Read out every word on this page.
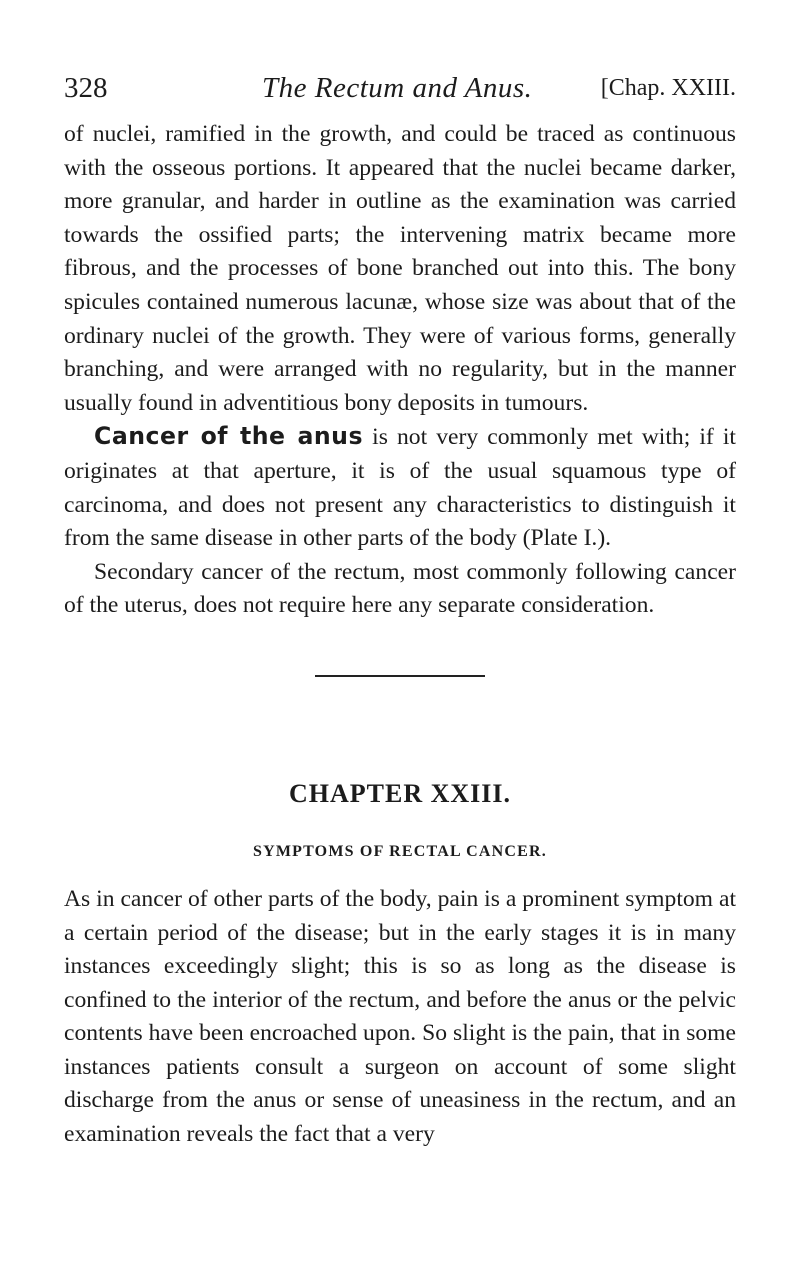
328	The Rectum and Anus.	[Chap. XXIII.

of nuclei, ramified in the growth, and could be traced as continuous with the osseous portions. It appeared that the nuclei became darker, more granular, and harder in outline as the examination was carried towards the ossified parts; the intervening matrix became more fibrous, and the processes of bone branched out into this. The bony spicules contained numerous lacunæ, whose size was about that of the ordinary nuclei of the growth. They were of various forms, generally branching, and were arranged with no regularity, but in the manner usually found in adventitious bony deposits in tumours.

Cancer of the anus is not very commonly met with; if it originates at that aperture, it is of the usual squamous type of carcinoma, and does not present any characteristics to distinguish it from the same disease in other parts of the body (Plate I.).

Secondary cancer of the rectum, most commonly following cancer of the uterus, does not require here any separate consideration.

CHAPTER XXIII.
SYMPTOMS OF RECTAL CANCER.

As in cancer of other parts of the body, pain is a prominent symptom at a certain period of the disease; but in the early stages it is in many instances exceedingly slight; this is so as long as the disease is confined to the interior of the rectum, and before the anus or the pelvic contents have been encroached upon. So slight is the pain, that in some instances patients consult a surgeon on account of some slight discharge from the anus or sense of uneasiness in the rectum, and an examination reveals the fact that a very
